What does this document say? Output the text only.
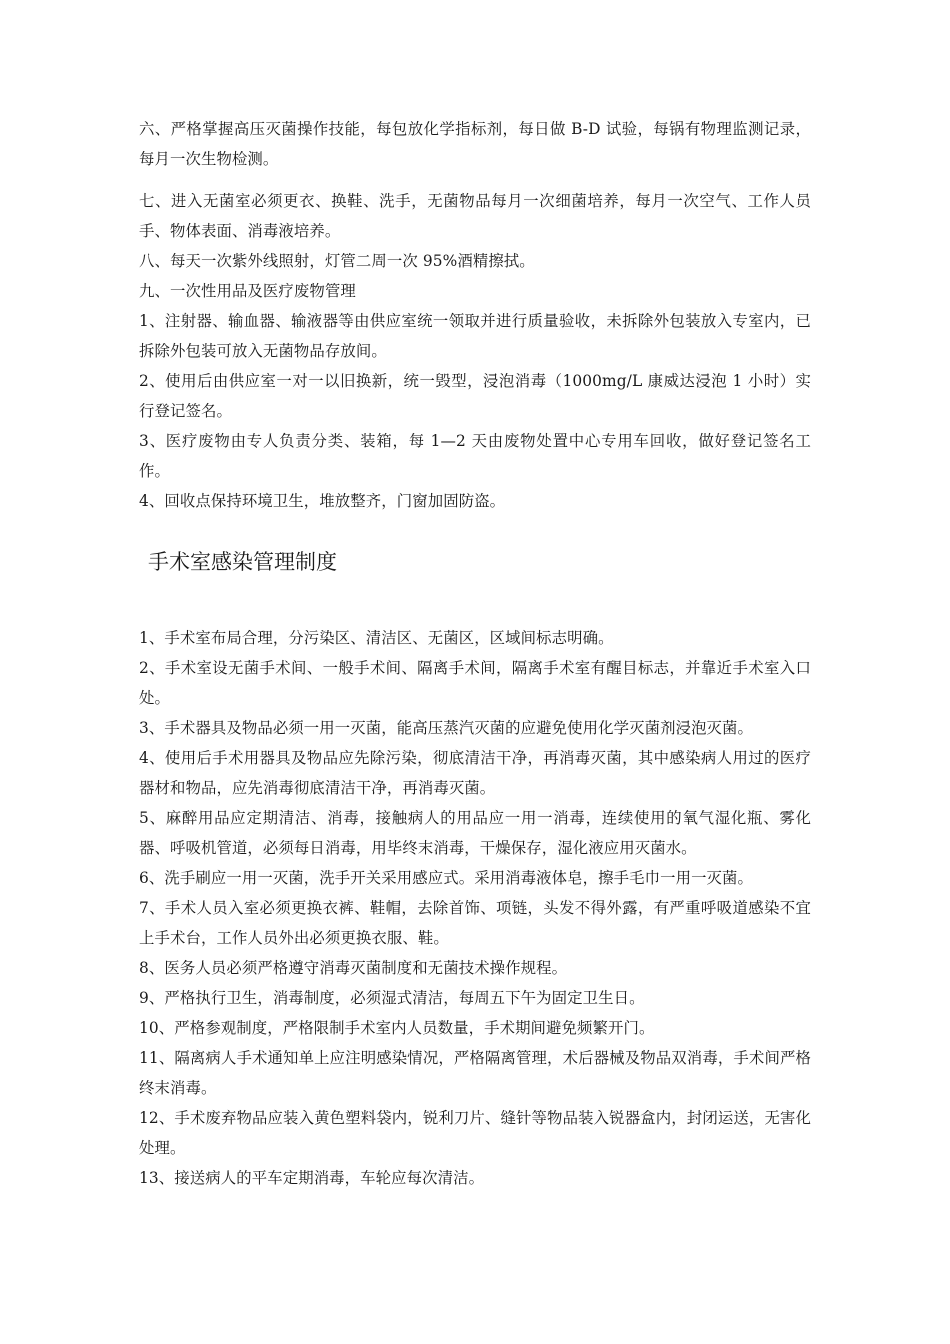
六、严格掌握高压灭菌操作技能，每包放化学指标剂，每日做 B-D 试验，每锅有物理监测记录，每月一次生物检测。

七、进入无菌室必须更衣、换鞋、洗手，无菌物品每月一次细菌培养，每月一次空气、工作人员手、物体表面、消毒液培养。

八、每天一次紫外线照射，灯管二周一次 95%酒精擦拭。

九、一次性用品及医疗废物管理

1、注射器、输血器、输液器等由供应室统一领取并进行质量验收，未拆除外包装放入专室内，已拆除外包装可放入无菌物品存放间。

2、使用后由供应室一对一以旧换新，统一毁型，浸泡消毒（1000mg/L 康威达浸泡 1 小时）实行登记签名。

3、医疗废物由专人负责分类、装箱，每 1—2 天由废物处置中心专用车回收，做好登记签名工作。

4、回收点保持环境卫生，堆放整齐，门窗加固防盗。

手术室感染管理制度

1、手术室布局合理，分污染区、清洁区、无菌区，区域间标志明确。

2、手术室设无菌手术间、一般手术间、隔离手术间，隔离手术室有醒目标志，并靠近手术室入口处。

3、手术器具及物品必须一用一灭菌，能高压蒸汽灭菌的应避免使用化学灭菌剂浸泡灭菌。

4、使用后手术用器具及物品应先除污染，彻底清洁干净，再消毒灭菌，其中感染病人用过的医疗器材和物品，应先消毒彻底清洁干净，再消毒灭菌。

5、麻醉用品应定期清洁、消毒，接触病人的用品应一用一消毒，连续使用的氧气湿化瓶、雾化器、呼吸机管道，必须每日消毒，用毕终末消毒，干燥保存，湿化液应用灭菌水。

6、洗手刷应一用一灭菌，洗手开关采用感应式。采用消毒液体皂，擦手毛巾一用一灭菌。

7、手术人员入室必须更换衣裤、鞋帽，去除首饰、项链，头发不得外露，有严重呼吸道感染不宜上手术台，工作人员外出必须更换衣服、鞋。

8、医务人员必须严格遵守消毒灭菌制度和无菌技术操作规程。

9、严格执行卫生，消毒制度，必须湿式清洁，每周五下午为固定卫生日。

10、严格参观制度，严格限制手术室内人员数量，手术期间避免频繁开门。

11、隔离病人手术通知单上应注明感染情况，严格隔离管理，术后器械及物品双消毒，手术间严格终末消毒。

12、手术废弃物品应装入黄色塑料袋内，锐利刀片、缝针等物品装入锐器盒内，封闭运送，无害化处理。

13、接送病人的平车定期消毒，车轮应每次清洁。
